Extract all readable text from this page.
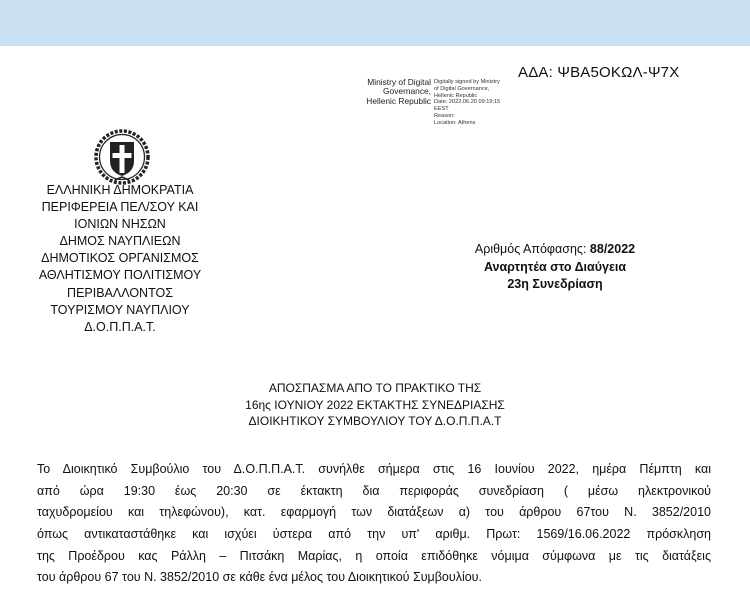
ΑΔΑ: ΨΒΑ5ΟΚΩΛ-Ψ7Χ
Ministry of Digital
Governance,
Hellenic Republic
Digitally signed by Ministry
of Digital Governance,
Hellenic Republic
Date: 2022.06.20 09:19:15
EEST
Reason:
Location: Athens
ΕΛΛΗΝΙΚΗ ΔΗΜΟΚΡΑΤΙΑ
ΠΕΡΙΦΕΡΕΙΑ ΠΕΛ/ΣΟΥ ΚΑΙ
ΙΟΝΙΩΝ ΝΗΣΩΝ
ΔΗΜΟΣ ΝΑΥΠΛΙΕΩΝ
ΔΗΜΟΤΙΚΟΣ ΟΡΓΑΝΙΣΜΟΣ
ΑΘΛΗΤΙΣΜΟΥ ΠΟΛΙΤΙΣΜΟΥ
ΠΕΡΙΒΑΛΛΟΝΤΟΣ
ΤΟΥΡΙΣΜΟΥ ΝΑΥΠΛΙΟΥ
Δ.Ο.Π.Π.Α.Τ.
Αριθμός Απόφασης: 88/2022
Αναρτητέα στο Διαύγεια
23η Συνεδρίαση
ΑΠΟΣΠΑΣΜΑ ΑΠΟ ΤΟ ΠΡΑΚΤΙΚΟ ΤΗΣ
16ης ΙΟΥΝΙΟΥ 2022 ΕΚΤΑΚΤΗΣ ΣΥΝΕΔΡΙΑΣΗΣ
ΔΙΟΙΚΗΤΙΚΟΥ ΣΥΜΒΟΥΛΙΟΥ ΤΟΥ Δ.Ο.Π.Π.Α.Τ
Το Διοικητικό Συμβούλιο του Δ.Ο.Π.Π.Α.Τ. συνήλθε σήμερα στις 16 Ιουνίου 2022, ημέρα Πέμπτη και
από ώρα 19:30 έως 20:30 σε έκτακτη δια περιφοράς συνεδρίαση ( μέσω ηλεκτρονικού
ταχυδρομείου και τηλεφώνου), κατ. εφαρμογή των διατάξεων α) του άρθρου 67του Ν. 3852/2010
όπως αντικαταστάθηκε και ισχύει ύστερα από την υπ' αριθμ. Πρωτ: 1569/16.06.2022 πρόσκληση
της Προέδρου κας Ράλλη – Πιτσάκη Μαρίας, η οποία επιδόθηκε νόμιμα σύμφωνα με τις διατάξεις
του άρθρου 67 του Ν. 3852/2010 σε κάθε ένα μέλος του Διοικητικού Συμβουλίου.
